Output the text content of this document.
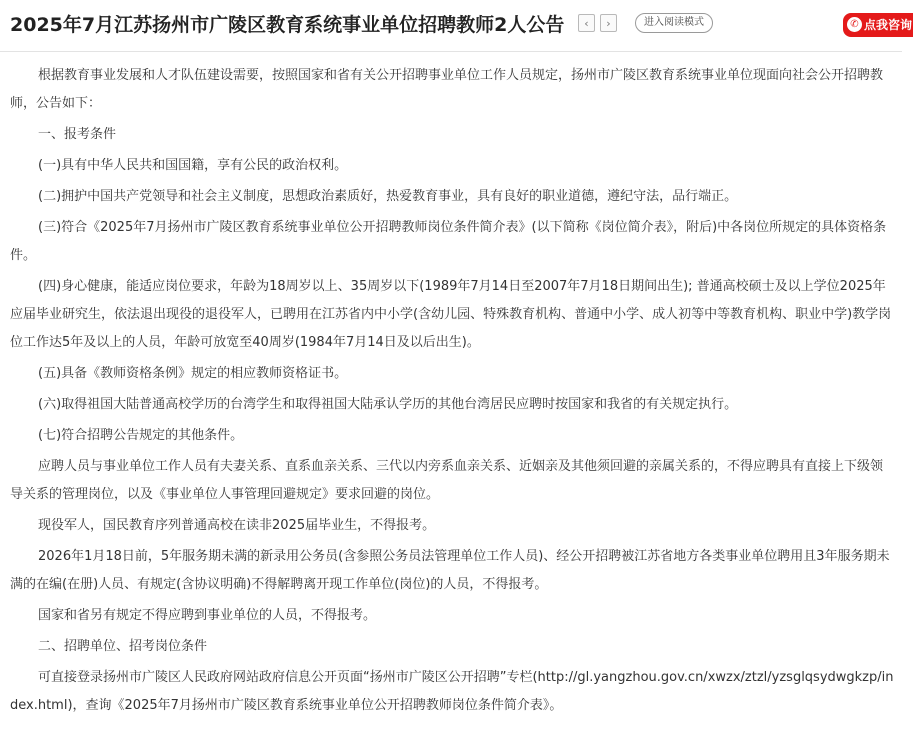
2025年7月江苏扬州市广陵区教育系统事业单位招聘教师2人公告 ‹ ›	进入阅读模式	✆ 点我咨询

根据教育事业发展和人才队伍建设需要，按照国家和省有关公开招聘事业单位工作人员规定，扬州市广陵区教育系统事业单位现面向社会公开招聘教师，公告如下：

一、报考条件

(一)具有中华人民共和国国籍，享有公民的政治权利。

(二)拥护中国共产党领导和社会主义制度，思想政治素质好，热爱教育事业，具有良好的职业道德，遵纪守法，品行端正。

(三)符合《2025年7月扬州市广陵区教育系统事业单位公开招聘教师岗位条件简介表》(以下简称《岗位简介表》，附后)中各岗位所规定的具体资格条件。

(四)身心健康，能适应岗位要求，年龄为18周岁以上、35周岁以下(1989年7月14日至2007年7月18日期间出生); 普通高校硕士及以上学位2025年应届毕业研究生，依法退出现役的退役军人，已聘用在江苏省内中小学(含幼儿园、特殊教育机构、普通中小学、成人初等中等教育机构、职业中学)教学岗位工作达5年及以上的人员，年龄可放宽至40周岁(1984年7月14日及以后出生)。

(五)具备《教师资格条例》规定的相应教师资格证书。

(六)取得祖国大陆普通高校学历的台湾学生和取得祖国大陆承认学历的其他台湾居民应聘时按国家和我省的有关规定执行。

(七)符合招聘公告规定的其他条件。

应聘人员与事业单位工作人员有夫妻关系、直系血亲关系、三代以内旁系血亲关系、近姻亲及其他须回避的亲属关系的，不得应聘具有直接上下级领导关系的管理岗位，以及《事业单位人事管理回避规定》要求回避的岗位。

现役军人，国民教育序列普通高校在读非2025届毕业生，不得报考。

2026年1月18日前，5年服务期未满的新录用公务员(含参照公务员法管理单位工作人员)、经公开招聘被江苏省地方各类事业单位聘用且3年服务期未满的在编(在册)人员、有规定(含协议明确)不得解聘离开现工作单位(岗位)的人员，不得报考。

国家和省另有规定不得应聘到事业单位的人员，不得报考。

二、招聘单位、招考岗位条件

可直接登录扬州市广陵区人民政府网站政府信息公开页面“扬州市广陵区公开招聘”专栏(http://gl.yangzhou.gov.cn/xwzx/ztzl/yzsglqsydwgkzp/index.html)，查询《2025年7月扬州市广陵区教育系统事业单位公开招聘教师岗位条件简介表》。
